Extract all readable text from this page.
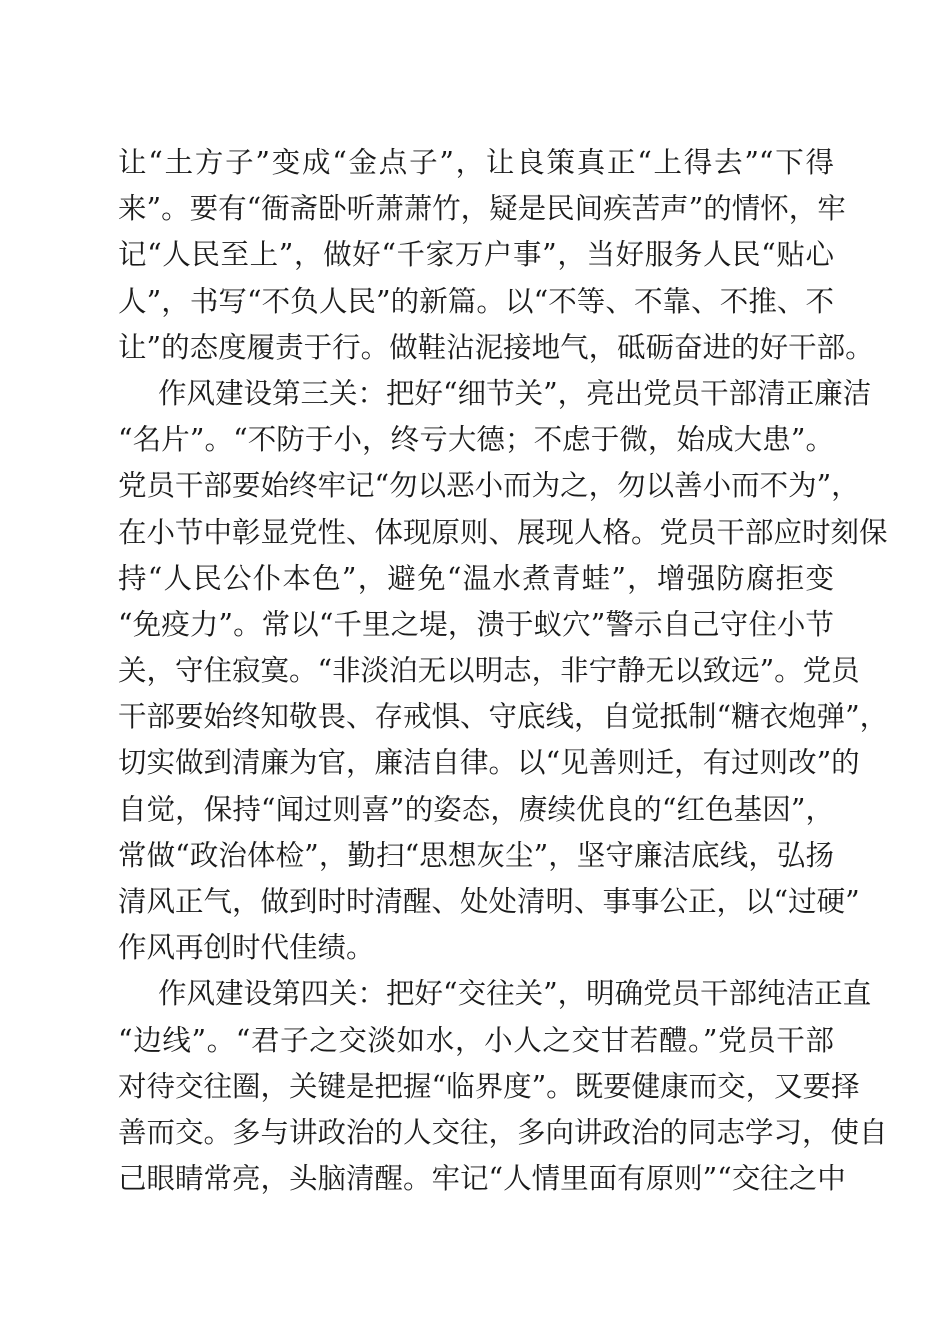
让“土方子”变成“金点子”，让良策真正“上得去”“下得
来”。要有“衙斋卧听萧萧竹，疑是民间疾苦声”的情怀，牢
记“人民至上”，做好“千家万户事”，当好服务人民“贴心
人”，书写“不负人民”的新篇。以“不等、不靠、不推、不
让”的态度履责于行。做鞋沾泥接地气，砥砺奋进的好干部。
作风建设第三关：把好“细节关”，亮出党员干部清正廉洁
“名片”。“不防于小，终亏大德；不虑于微，始成大患”。
党员干部要始终牢记“勿以恶小而为之，勿以善小而不为”，
在小节中彰显党性、体现原则、展现人格。党员干部应时刻保
持“人民公仆本色”，避免“温水煮青蛙”，增强防腐拒变
“免疫力”。常以“千里之堤，溃于蚁穴”警示自己守住小节
关，守住寂寞。“非淡泊无以明志，非宁静无以致远”。党员
干部要始终知敬畏、存戒惧、守底线，自觉抵制“糖衣炮弹”，
切实做到清廉为官，廉洁自律。以“见善则迁，有过则改”的
自觉，保持“闻过则喜”的姿态，赓续优良的“红色基因”，
常做“政治体检”，勤扫“思想灰尘”，坚守廉洁底线，弘扬
清风正气，做到时时清醒、处处清明、事事公正，以“过硬”
作风再创时代佳绩。
作风建设第四关：把好“交往关”，明确党员干部纯洁正直
“边线”。“君子之交淡如水，小人之交甘若醴。”党员干部
对待交往圈，关键是把握“临界度”。既要健康而交，又要择
善而交。多与讲政治的人交往，多向讲政治的同志学习，使自
己眼睛常亮，头脑清醒。牢记“人情里面有原则”“交往之中
